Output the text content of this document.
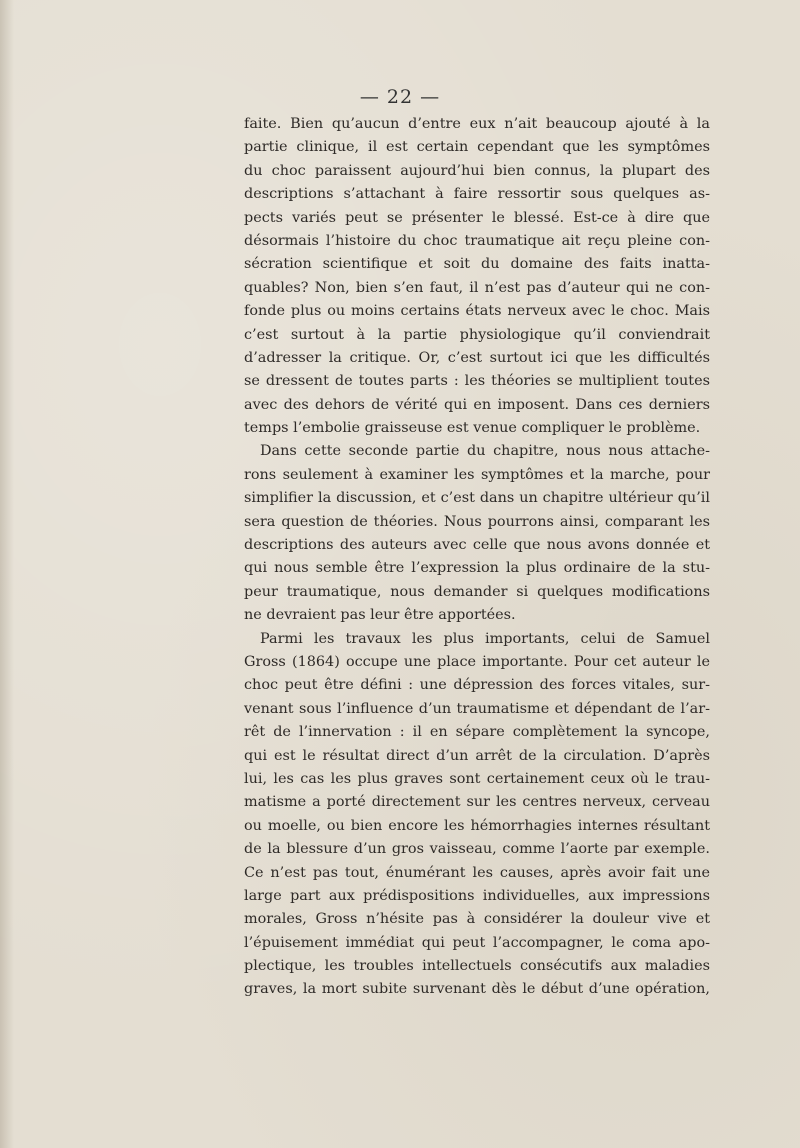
— 22 —
faite. Bien qu’aucun d’entre eux n’ait beaucoup ajouté à la
partie clinique, il est certain cependant que les symptômes
du choc paraissent aujourd’hui bien connus, la plupart des
descriptions s’attachant à faire ressortir sous quelques as-
pects variés peut se présenter le blessé. Est-ce à dire que
désormais l’histoire du choc traumatique ait reçu pleine con-
sécration scientifique et soit du domaine des faits inatta-
quables? Non, bien s’en faut, il n’est pas d’auteur qui ne con-
fonde plus ou moins certains états nerveux avec le choc. Mais
c’est surtout à la partie physiologique qu’il conviendrait
d’adresser la critique. Or, c’est surtout ici que les difficultés
se dressent de toutes parts : les théories se multiplient toutes
avec des dehors de vérité qui en imposent. Dans ces derniers
temps l’embolie graisseuse est venue compliquer le problème.
Dans cette seconde partie du chapitre, nous nous attache-
rons seulement à examiner les symptômes et la marche, pour
simplifier la discussion, et c’est dans un chapitre ultérieur qu’il
sera question de théories. Nous pourrons ainsi, comparant les
descriptions des auteurs avec celle que nous avons donnée et
qui nous semble être l’expression la plus ordinaire de la stu-
peur traumatique, nous demander si quelques modifications
ne devraient pas leur être apportées.
Parmi les travaux les plus importants, celui de Samuel
Gross (1864) occupe une place importante. Pour cet auteur le
choc peut être défini : une dépression des forces vitales, sur-
venant sous l’influence d’un traumatisme et dépendant de l’ar-
rêt de l’innervation : il en sépare complètement la syncope,
qui est le résultat direct d’un arrêt de la circulation. D’après
lui, les cas les plus graves sont certainement ceux où le trau-
matisme a porté directement sur les centres nerveux, cerveau
ou moelle, ou bien encore les hémorrhagies internes résultant
de la blessure d’un gros vaisseau, comme l’aorte par exemple.
Ce n’est pas tout, énumérant les causes, après avoir fait une
large part aux prédispositions individuelles, aux impressions
morales, Gross n’hésite pas à considérer la douleur vive et
l’épuisement immédiat qui peut l’accompagner, le coma apo-
plectique, les troubles intellectuels consécutifs aux maladies
graves, la mort subite survenant dès le début d’une opération,
